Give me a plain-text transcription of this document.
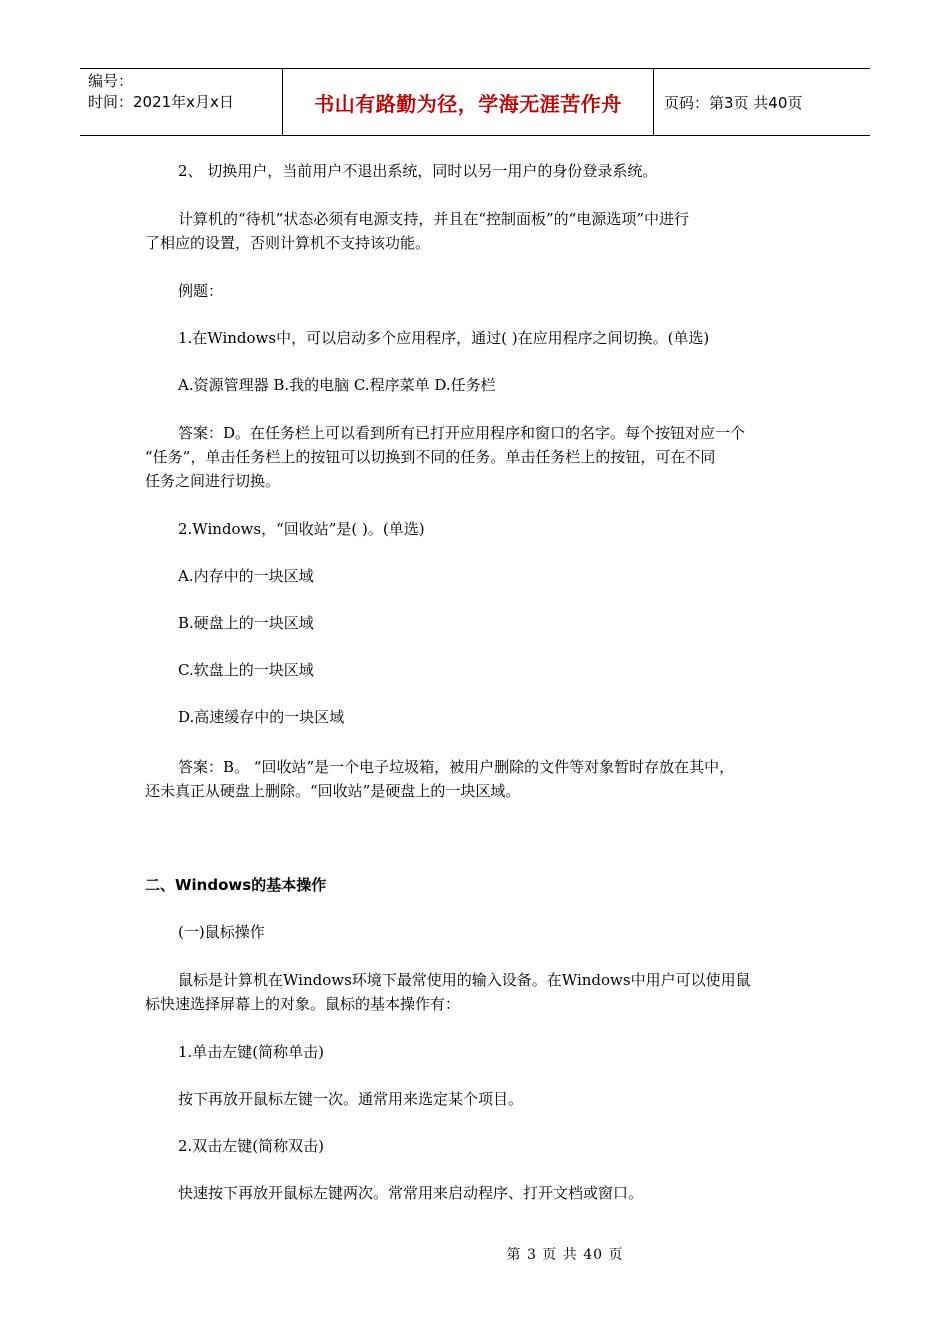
编号：
时间：2021年x月x日	书山有路勤为径，学海无涯苦作舟	页码：第3页 共40页
2、 切换用户，当前用户不退出系统，同时以另一用户的身份登录系统。
计算机的“待机”状态必须有电源支持，并且在“控制面板”的“电源选项”中进行
了相应的设置，否则计算机不支持该功能。
例题：
1.在Windows中，可以启动多个应用程序，通过( )在应用程序之间切换。(单选)
A.资源管理器 B.我的电脑 C.程序菜单 D.任务栏
答案：D。在任务栏上可以看到所有已打开应用程序和窗口的名字。每个按钮对应一个
“任务”，单击任务栏上的按钮可以切换到不同的任务。单击任务栏上的按钮，可在不同
任务之间进行切换。
2.Windows，“回收站”是( )。(单选)
A.内存中的一块区域
B.硬盘上的一块区域
C.软盘上的一块区域
D.高速缓存中的一块区域
答案：B。 “回收站”是一个电子垃圾箱，被用户删除的文件等对象暂时存放在其中，
还未真正从硬盘上删除。“回收站”是硬盘上的一块区域。
二、Windows的基本操作
(一)鼠标操作
鼠标是计算机在Windows环境下最常使用的输入设备。在Windows中用户可以使用鼠
标快速选择屏幕上的对象。鼠标的基本操作有：
1.单击左键(简称单击)
按下再放开鼠标左键一次。通常用来选定某个项目。
2.双击左键(简称双击)
快速按下再放开鼠标左键两次。常常用来启动程序、打开文档或窗口。
第 3 页 共 40 页
